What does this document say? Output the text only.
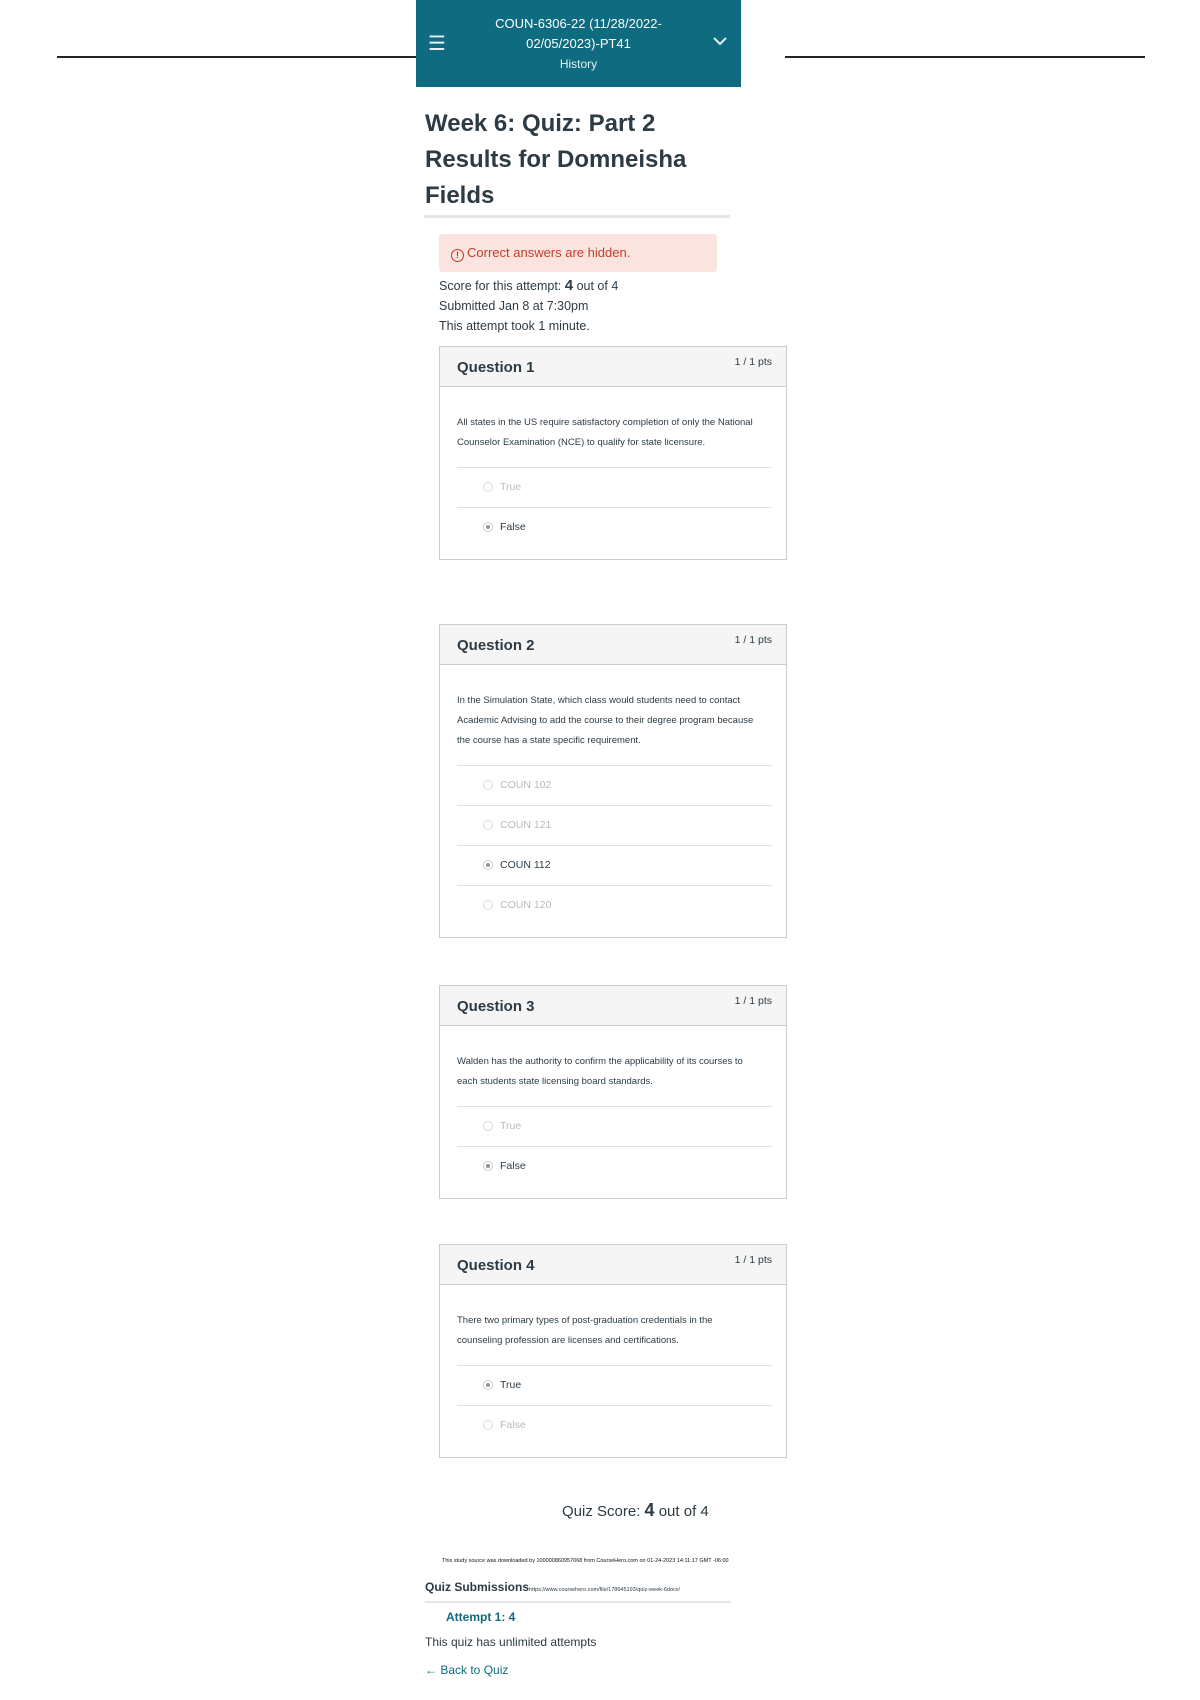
☰
COUN-6306-22 (11/28/2022-
02/05/2023)-PT41
History
Week 6: Quiz: Part 2
Results for Domneisha
Fields
! Correct answers are hidden.
Score for this attempt: 4 out of 4
Submitted Jan 8 at 7:30pm
This attempt took 1 minute.
Question 1	1 / 1 pts
All states in the US require satisfactory completion of only the National Counselor Examination (NCE) to qualify for state licensure.
True
False
Question 2	1 / 1 pts
In the Simulation State, which class would students need to contact Academic Advising to add the course to their degree program because the course has a state specific requirement.
COUN 102
COUN 121
COUN 112
COUN 120
Question 3	1 / 1 pts
Walden has the authority to confirm the applicability of its courses to each students state licensing board standards.
True
False
Question 4	1 / 1 pts
There two primary types of post-graduation credentials in the counseling profession are licenses and certifications.
True
False
Quiz Score: 4 out of 4
This study source was downloaded by 100000860957068 from CourseHero.com on 01-24-2023 14:11:17 GMT -06:00
Quiz Submissionshttps://www.coursehero.com/file/178645193/quiz-week-6docx/
Attempt 1: 4
This quiz has unlimited attempts
← Back to Quiz
